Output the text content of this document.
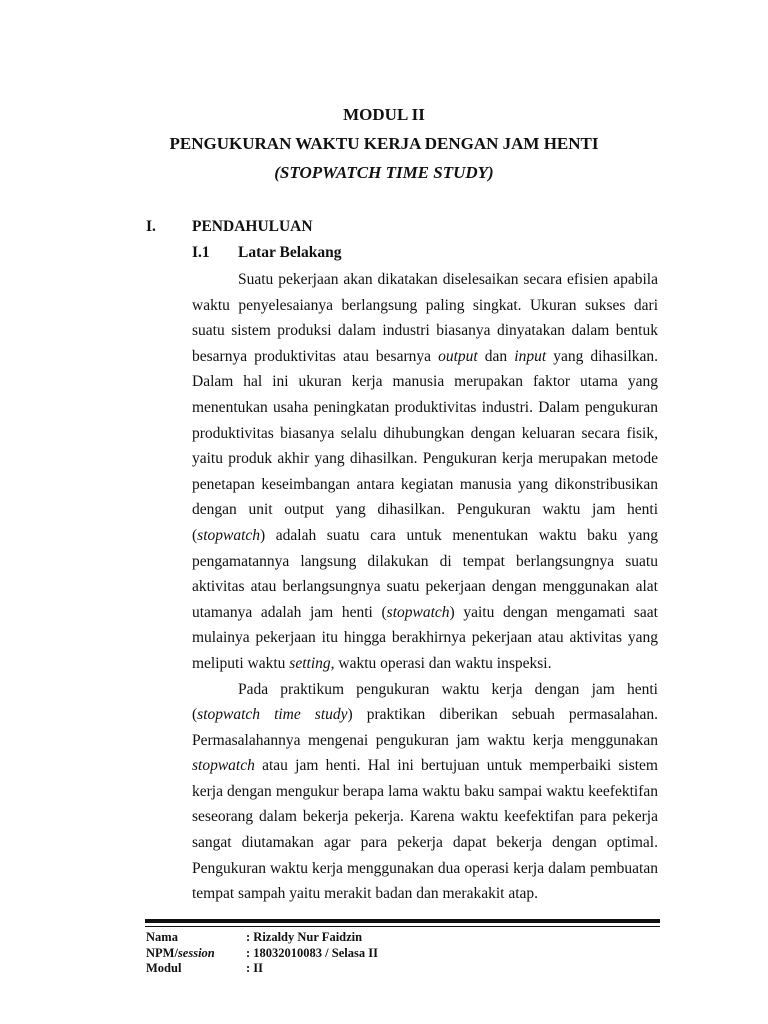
MODUL II

PENGUKURAN WAKTU KERJA DENGAN JAM HENTI

(STOPWATCH TIME STUDY)

I. PENDAHULUAN
I.1 Latar Belakang
Suatu pekerjaan akan dikatakan diselesaikan secara efisien apabila
waktu penyelesaianya berlangsung paling singkat. Ukuran sukses dari
suatu sistem produksi dalam industri biasanya dinyatakan dalam bentuk
besarnya produktivitas atau besarnya output dan input yang dihasilkan.
Dalam hal ini ukuran kerja manusia merupakan faktor utama yang
menentukan usaha peningkatan produktivitas industri. Dalam pengukuran
produktivitas biasanya selalu dihubungkan dengan keluaran secara fisik,
yaitu produk akhir yang dihasilkan. Pengukuran kerja merupakan metode
penetapan keseimbangan antara kegiatan manusia yang dikonstribusikan
dengan unit output yang dihasilkan. Pengukuran waktu jam henti
(stopwatch) adalah suatu cara untuk menentukan waktu baku yang
pengamatannya langsung dilakukan di tempat berlangsungnya suatu
aktivitas atau berlangsungnya suatu pekerjaan dengan menggunakan alat
utamanya adalah jam henti (stopwatch) yaitu dengan mengamati saat
mulainya pekerjaan itu hingga berakhirnya pekerjaan atau aktivitas yang
meliputi waktu setting, waktu operasi dan waktu inspeksi.
Pada praktikum pengukuran waktu kerja dengan jam henti
(stopwatch time study) praktikan diberikan sebuah permasalahan.
Permasalahannya mengenai pengukuran jam waktu kerja menggunakan
stopwatch atau jam henti. Hal ini bertujuan untuk memperbaiki sistem
kerja dengan mengukur berapa lama waktu baku sampai waktu keefektifan
seseorang dalam bekerja pekerja. Karena waktu keefektifan para pekerja
sangat diutamakan agar para pekerja dapat bekerja dengan optimal.
Pengukuran waktu kerja menggunakan dua operasi kerja dalam pembuatan
tempat sampah yaitu merakit badan dan merakakit atap.
Nama	: Rizaldy Nur Faidzin
NPM/session	: 18032010083 / Selasa II
Modul	: II
